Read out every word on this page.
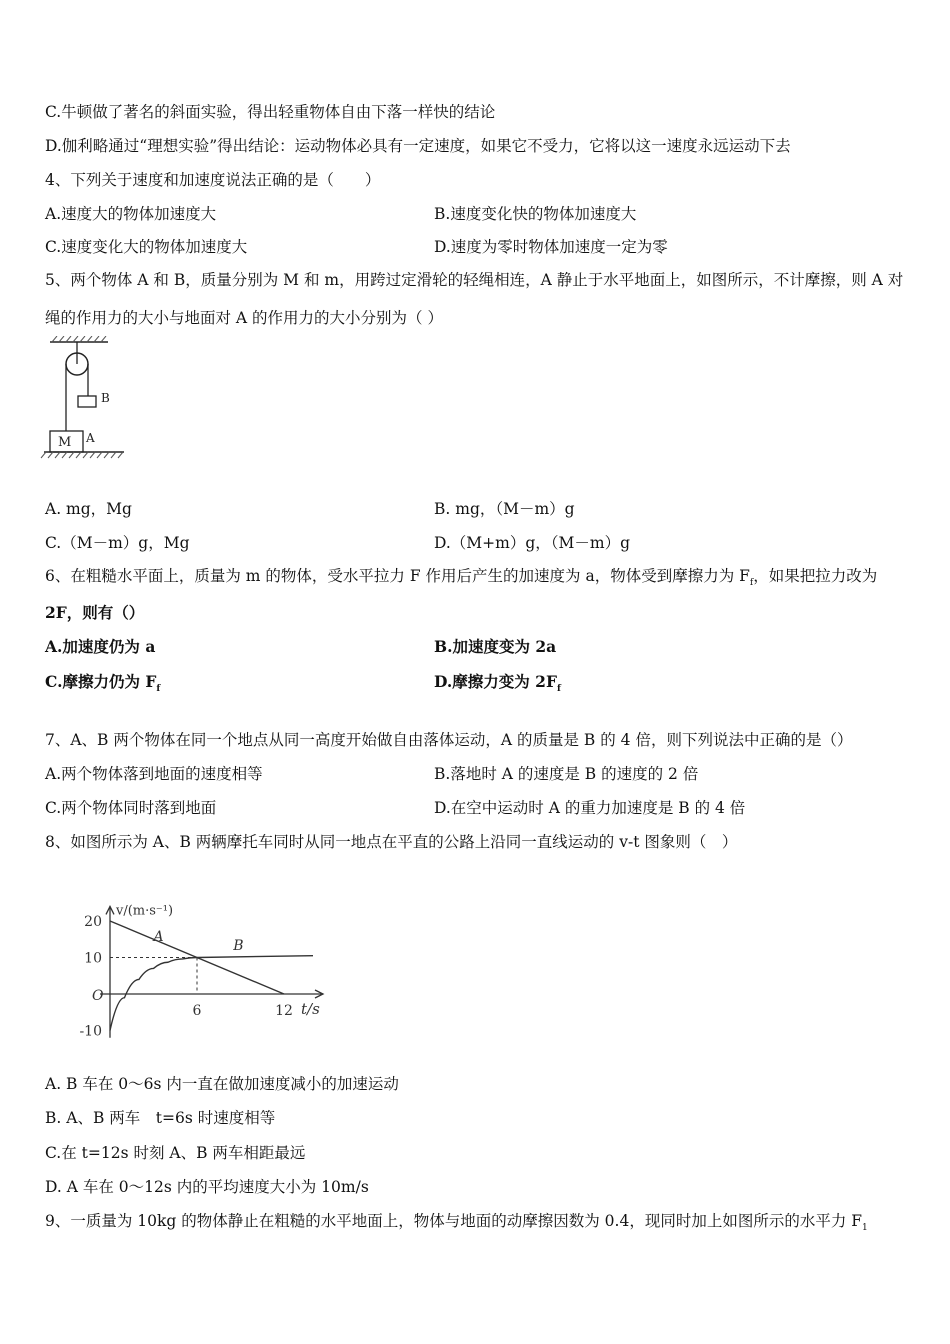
C.牛顿做了著名的斜面实验，得出轻重物体自由下落一样快的结论
D.伽利略通过“理想实验”得出结论：运动物体必具有一定速度，如果它不受力，它将以这一速度永远运动下去
4、下列关于速度和加速度说法正确的是（　　）
A.速度大的物体加速度大	B.速度变化快的物体加速度大
C.速度变化大的物体加速度大	D.速度为零时物体加速度一定为零
5、两个物体 A 和 B，质量分别为 M 和 m，用跨过定滑轮的轻绳相连，A 静止于水平地面上，如图所示，不计摩擦，则 A 对
绳的作用力的大小与地面对 A 的作用力的大小分别为（ ）
B
M A
A. mg，Mg	B. mg，（M－m）g
C.（M－m）g，Mg	D.（M+m）g，（M－m）g
6、在粗糙水平面上，质量为 m 的物体，受水平拉力 F 作用后产生的加速度为 a，物体受到摩擦力为 $F_f$，如果把拉力改为
2F，则有（）
A.加速度仍为 a	B.加速度变为 2a
C.摩擦力仍为 $F_f$	D.摩擦力变为 $2F_f$
7、A、B 两个物体在同一个地点从同一高度开始做自由落体运动，A 的质量是 B 的 4 倍，则下列说法中正确的是（）
A.两个物体落到地面的速度相等	B.落地时 A 的速度是 B 的速度的 2 倍
C.两个物体同时落到地面	D.在空中运动时 A 的重力加速度是 B 的 4 倍
8、如图所示为 A、B 两辆摩托车同时从同一地点在平直的公路上沿同一直线运动的 v-t 图象则（　）
v/(m·s⁻¹)
t/s
O
20
10
-10
6	12
A
B
A. B 车在 0～6s 内一直在做加速度减小的加速运动
B. A、B 两车　t=6s 时速度相等
C.在 t=12s 时刻 A、B 两车相距最远
D. A 车在 0～12s 内的平均速度大小为 10m/s
9、一质量为 10kg 的物体静止在粗糙的水平地面上，物体与地面的动摩擦因数为 0.4，现同时加上如图所示的水平力 $F_1$
